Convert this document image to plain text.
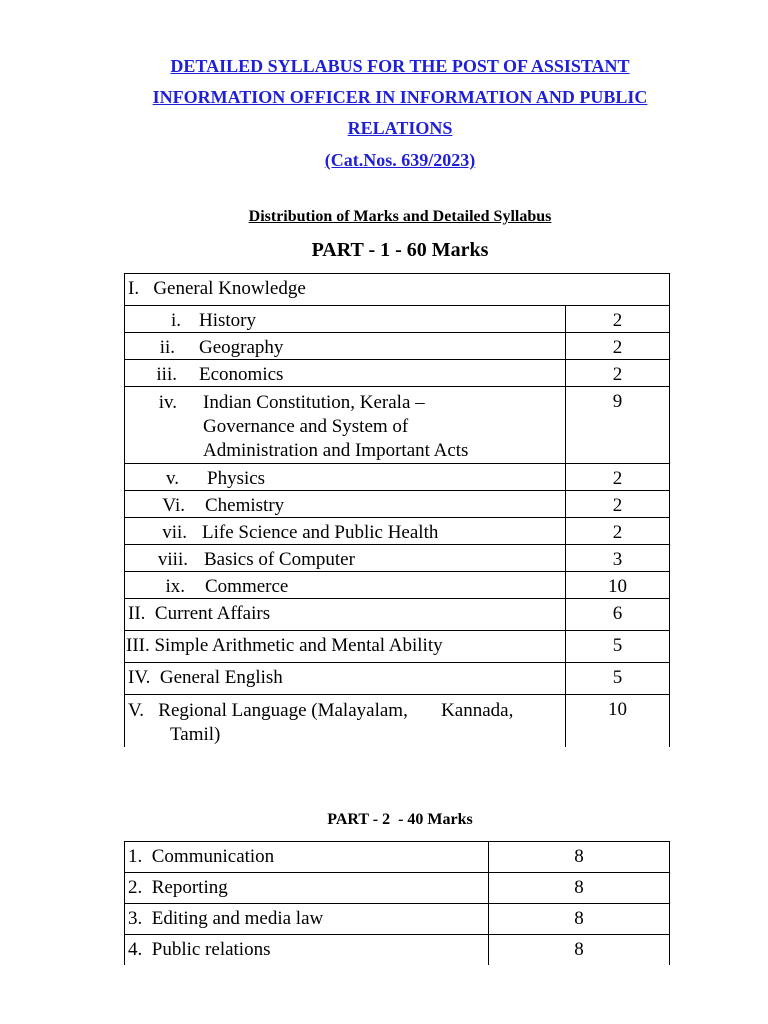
DETAILED SYLLABUS FOR THE POST OF ASSISTANT
INFORMATION OFFICER IN INFORMATION AND PUBLIC
RELATIONS
(Cat.Nos. 639/2023)
Distribution of Marks and Detailed Syllabus
PART - 1 - 60 Marks
I. General Knowledge	

i. History	2

ii. Geography	2

iii. Economics	2

iv. Indian Constitution, Kerala –
Governance and System of
Administration and Important Acts	9

v. Physics	2

Vi. Chemistry	2

vii. Life Science and Public Health	2

viii. Basics of Computer	3

ix. Commerce	10
II.  Current Affairs	6
III. Simple Arithmetic and Mental Ability	5
IV.  General English	5

V.   Regional Language (Malayalam,       Kannada,
Tamil)	10
PART - 2  - 40 Marks
1.  Communication	8
2.  Reporting	8
3.  Editing and media law	8
4.  Public relations	8
